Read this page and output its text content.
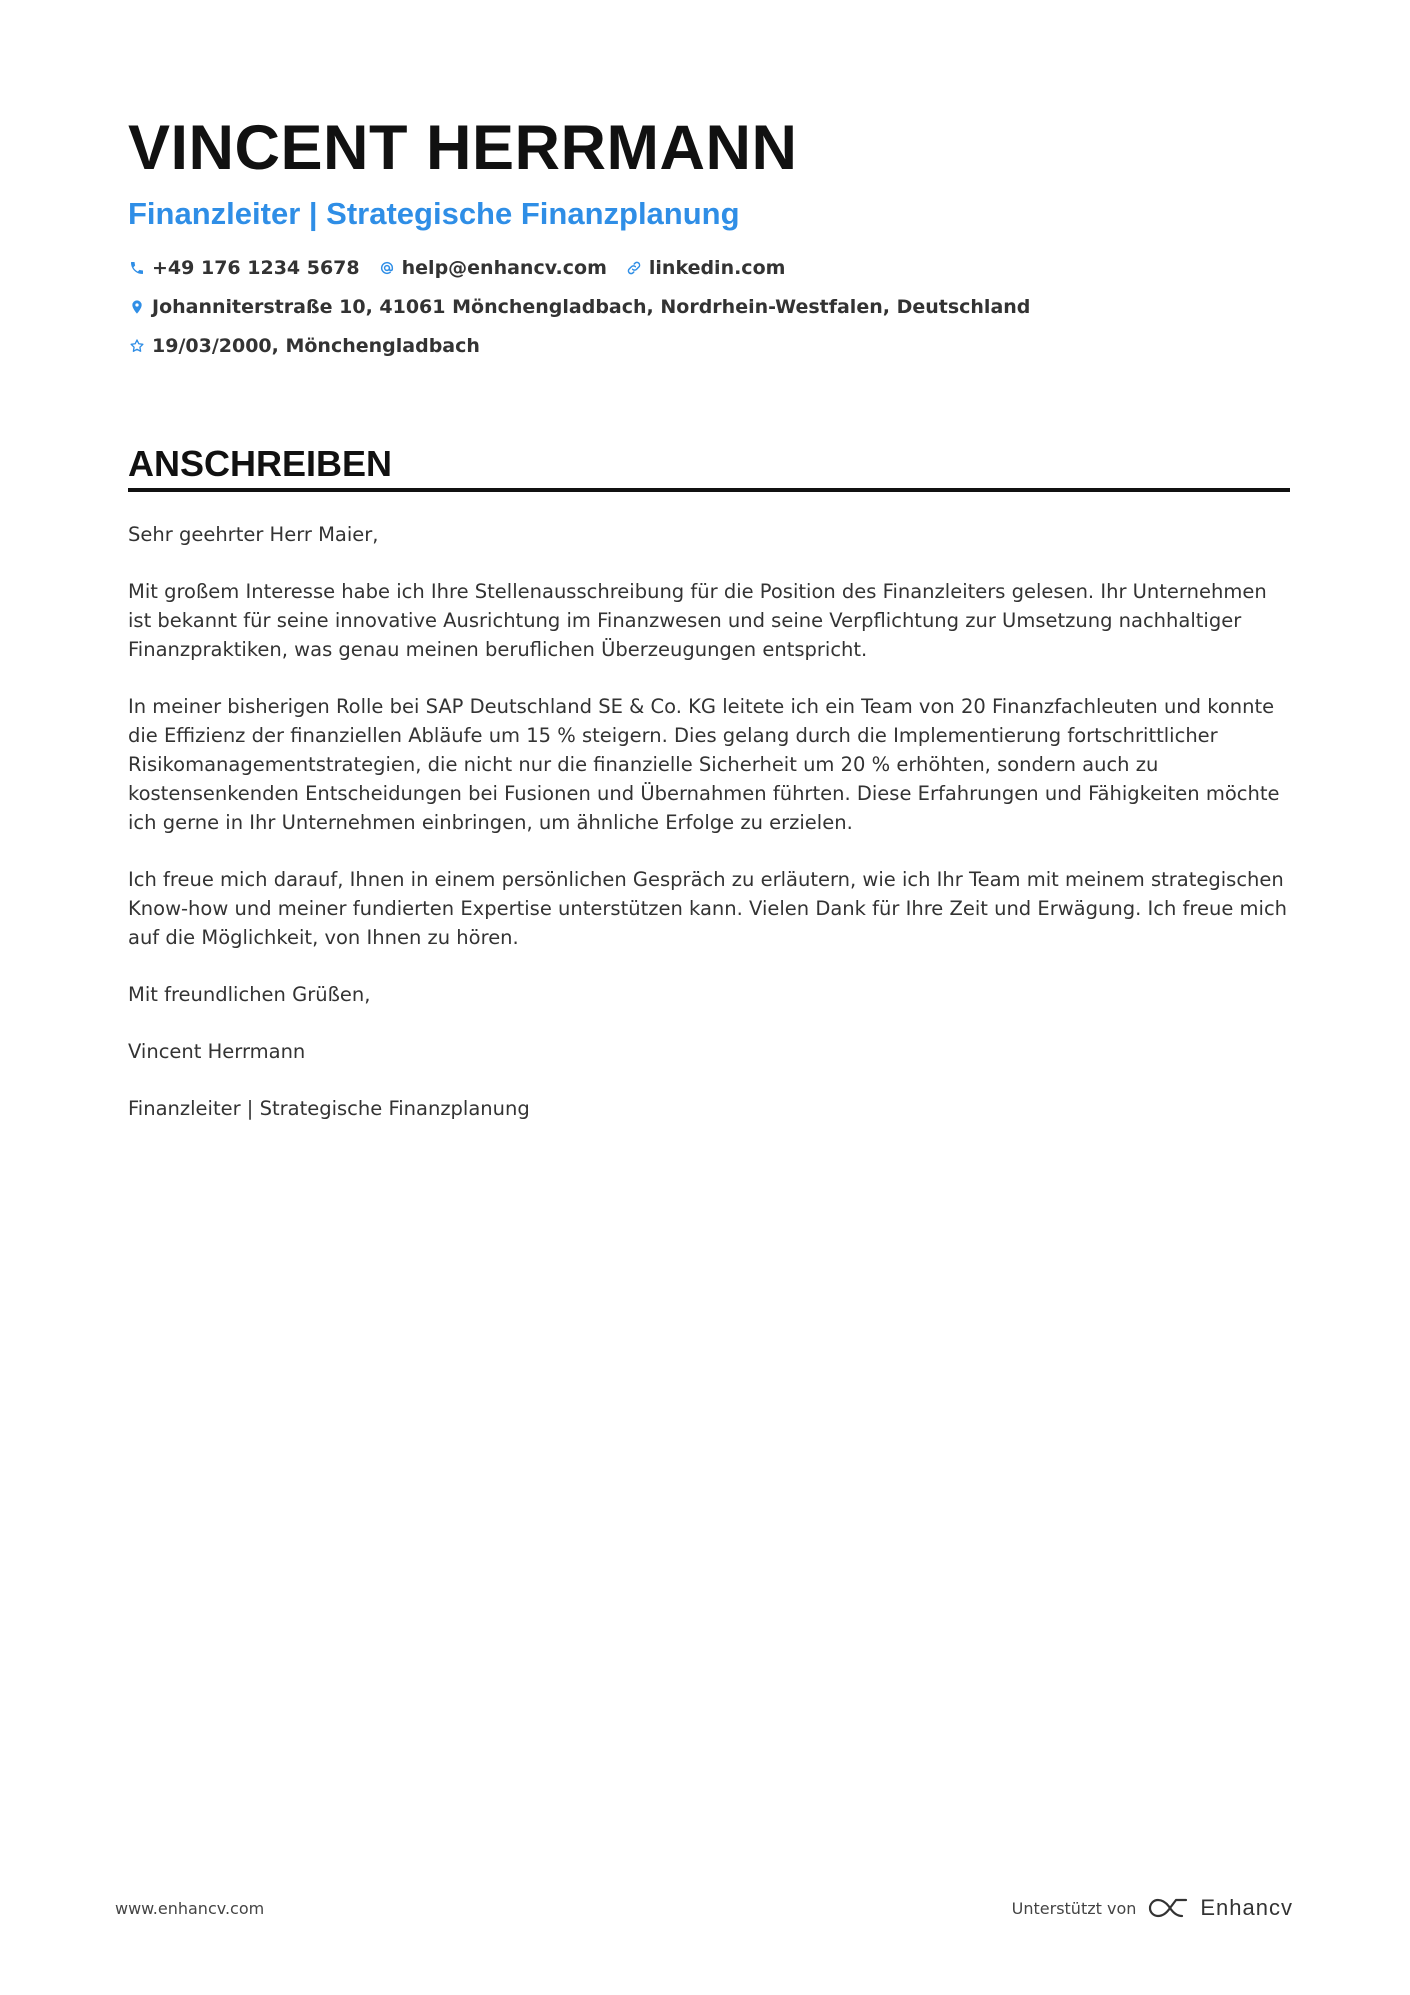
VINCENT HERRMANN
Finanzleiter | Strategische Finanzplanung
+49 176 1234 5678 help@enhancv.com linkedin.com
Johanniterstraße 10, 41061 Mönchengladbach, Nordrhein-Westfalen, Deutschland
19/03/2000, Mönchengladbach
ANSCHREIBEN

Sehr geehrter Herr Maier,

Mit großem Interesse habe ich Ihre Stellenausschreibung für die Position des Finanzleiters gelesen. Ihr Unternehmen ist bekannt für seine innovative Ausrichtung im Finanzwesen und seine Verpflichtung zur Umsetzung nachhaltiger Finanzpraktiken, was genau meinen beruflichen Überzeugungen entspricht.

In meiner bisherigen Rolle bei SAP Deutschland SE & Co. KG leitete ich ein Team von 20 Finanzfachleuten und konnte die Effizienz der finanziellen Abläufe um 15 % steigern. Dies gelang durch die Implementierung fortschrittlicher Risikomanagementstrategien, die nicht nur die finanzielle Sicherheit um 20 % erhöhten, sondern auch zu kostensenkenden Entscheidungen bei Fusionen und Übernahmen führten. Diese Erfahrungen und Fähigkeiten möchte ich gerne in Ihr Unternehmen einbringen, um ähnliche Erfolge zu erzielen.

Ich freue mich darauf, Ihnen in einem persönlichen Gespräch zu erläutern, wie ich Ihr Team mit meinem strategischen Know-how und meiner fundierten Expertise unterstützen kann. Vielen Dank für Ihre Zeit und Erwägung. Ich freue mich auf die Möglichkeit, von Ihnen zu hören.

Mit freundlichen Grüßen,

Vincent Herrmann

Finanzleiter | Strategische Finanzplanung

www.enhancv.com	Unterstützt von	Enhancv
